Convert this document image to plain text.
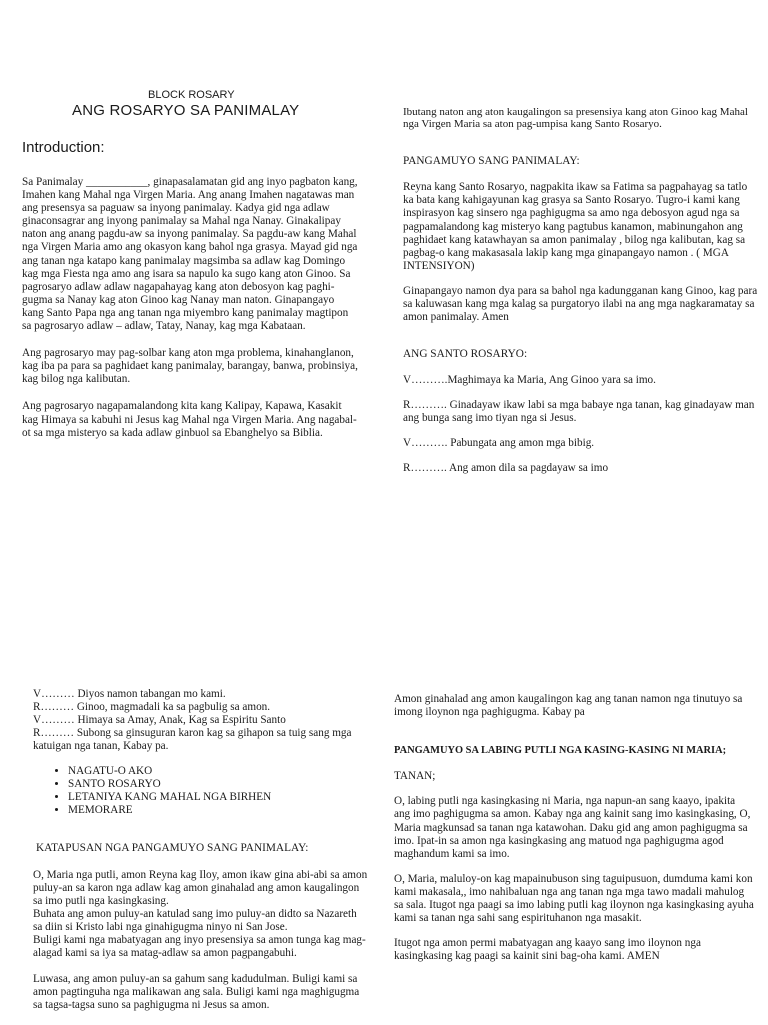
BLOCK ROSARY
ANG ROSARYO SA PANIMALAY
Introduction:

Sa Panimalay ___________, ginapasalamatan gid ang inyo pagbaton kang, Imahen kang Mahal nga Virgen Maria. Ang anang Imahen nagatawas man ang presensya sa paguaw sa inyong panimalay. Kadya gid nga adlaw ginaconsagrar ang inyong panimalay sa Mahal nga Nanay. Ginakalipay naton ang anang pagdu-aw sa inyong panimalay. Sa pagdu-aw kang Mahal nga Virgen Maria amo ang okasyon kang bahol nga grasya. Mayad gid nga ang tanan nga katapo kang panimalay magsimba sa adlaw kag Domingo kag mga Fiesta nga amo ang isara sa napulo ka sugo kang aton Ginoo. Sa pagrosaryo adlaw adlaw nagapahayag kang aton debosyon kag paghi-gugma sa Nanay kag aton Ginoo kag Nanay man naton. Ginapangayo kang Santo Papa nga ang tanan nga miyembro kang panimalay magtipon sa pagrosaryo adlaw – adlaw, Tatay, Nanay, kag mga Kabataan.

Ang pagrosaryo may pag-solbar kang aton mga problema, kinahanglanon, kag iba pa para sa paghidaet kang panimalay, barangay, banwa, probinsiya, kag bilog nga kalibutan.

Ang pagrosaryo nagapamalandong kita kang Kalipay, Kapawa, Kasakit kag Himaya sa kabuhi ni Jesus kag Mahal nga Virgen Maria. Ang nagabal-ot sa mga misteryo sa kada adlaw ginbuol sa Ebanghelyo sa Biblia.

Ibutang naton ang aton kaugalingon sa presensiya kang aton Ginoo kag Mahal nga Virgen Maria sa aton pag-umpisa kang Santo Rosaryo.

PANGAMUYO SANG PANIMALAY:

Reyna kang Santo Rosaryo, nagpakita ikaw sa Fatima sa pagpahayag sa tatlo ka bata kang kahigayunan kag grasya sa Santo Rosaryo. Tugro-i kami kang inspirasyon kag sinsero nga paghigugma sa amo nga debosyon agud nga sa pagpamalandong kag misteryo kang pagtubus kanamon, mabinungahon ang paghidaet kang katawhayan sa amon panimalay , bilog nga kalibutan, kag sa pagbag-o kang makasasala lakip kang mga ginapangayo namon . ( MGA INTENSIYON)

Ginapangayo namon dya para sa bahol nga kadungganan kang Ginoo, kag para sa kaluwasan kang mga kalag sa purgatoryo ilabi na ang mga nagkaramatay sa amon panimalay. Amen

ANG SANTO ROSARYO:

V……….Maghimaya ka Maria, Ang Ginoo yara sa imo.

R………. Ginadayaw ikaw labi sa mga babaye nga tanan, kag ginadayaw man ang bunga sang imo tiyan nga si Jesus.

V………. Pabungata ang amon mga bibig.

R………. Ang amon dila sa pagdayaw sa imo

V……… Diyos namon tabangan mo kami.

R……… Ginoo, magmadali ka sa pagbulig sa amon.

V……… Himaya sa Amay, Anak, Kag sa Espiritu Santo

R……… Subong sa ginsuguran karon kag sa gihapon sa tuig sang mga katuigan nga tanan, Kabay pa.

• NAGATU-O AKO
• SANTO ROSARYO
• LETANIYA KANG MAHAL NGA BIRHEN
• MEMORARE

KATAPUSAN NGA PANGAMUYO SANG PANIMALAY:

O, Maria nga putli, amon Reyna kag Iloy, amon ikaw gina abi-abi sa amon puluy-an sa karon nga adlaw kag amon ginahalad ang amon kaugalingon sa imo putli nga kasingkasing.

Buhata ang amon puluy-an katulad sang imo puluy-an didto sa Nazareth sa diin si Kristo labi nga ginahigugma ninyo ni San Jose.

Buligi kami nga mabatyagan ang inyo presensiya sa amon tunga kag mag-alagad kami sa iya sa matag-adlaw sa amon pagpangabuhi.

Luwasa, ang amon puluy-an sa gahum sang kadudulman. Buligi kami sa amon pagtinguha nga malikawan ang sala. Buligi kami nga maghigugma sa tagsa-tagsa suno sa paghigugma ni Jesus sa amon.

Amon ginahalad ang amon kaugalingon kag ang tanan namon nga tinutuyo sa imong iloynon nga paghigugma. Kabay pa

PANGAMUYO SA LABING PUTLI NGA KASING-KASING NI MARIA;

TANAN;

O, labing putli nga kasingkasing ni Maria, nga napun-an sang kaayo, ipakita ang imo paghigugma sa amon. Kabay nga ang kainit sang imo kasingkasing, O, Maria magkunsad sa tanan nga katawohan. Daku gid ang amon paghigugma sa imo. Ipat-in sa amon nga kasingkasing ang matuod nga paghigugma agod maghandum kami sa imo.

O, Maria, maluloy-on kag mapainubuson sing taguipusuon, dumduma kami kon kami makasala,, imo nahibaluan nga ang tanan nga mga tawo madali mahulog sa sala. Itugot nga paagi sa imo labing putli kag iloynon nga kasingkasing ayuha kami sa tanan nga sahi sang espirituhanon nga masakit.

Itugot nga amon permi mabatyagan ang kaayo sang imo iloynon nga kasingkasing kag paagi sa kainit sini bag-oha kami. AMEN
